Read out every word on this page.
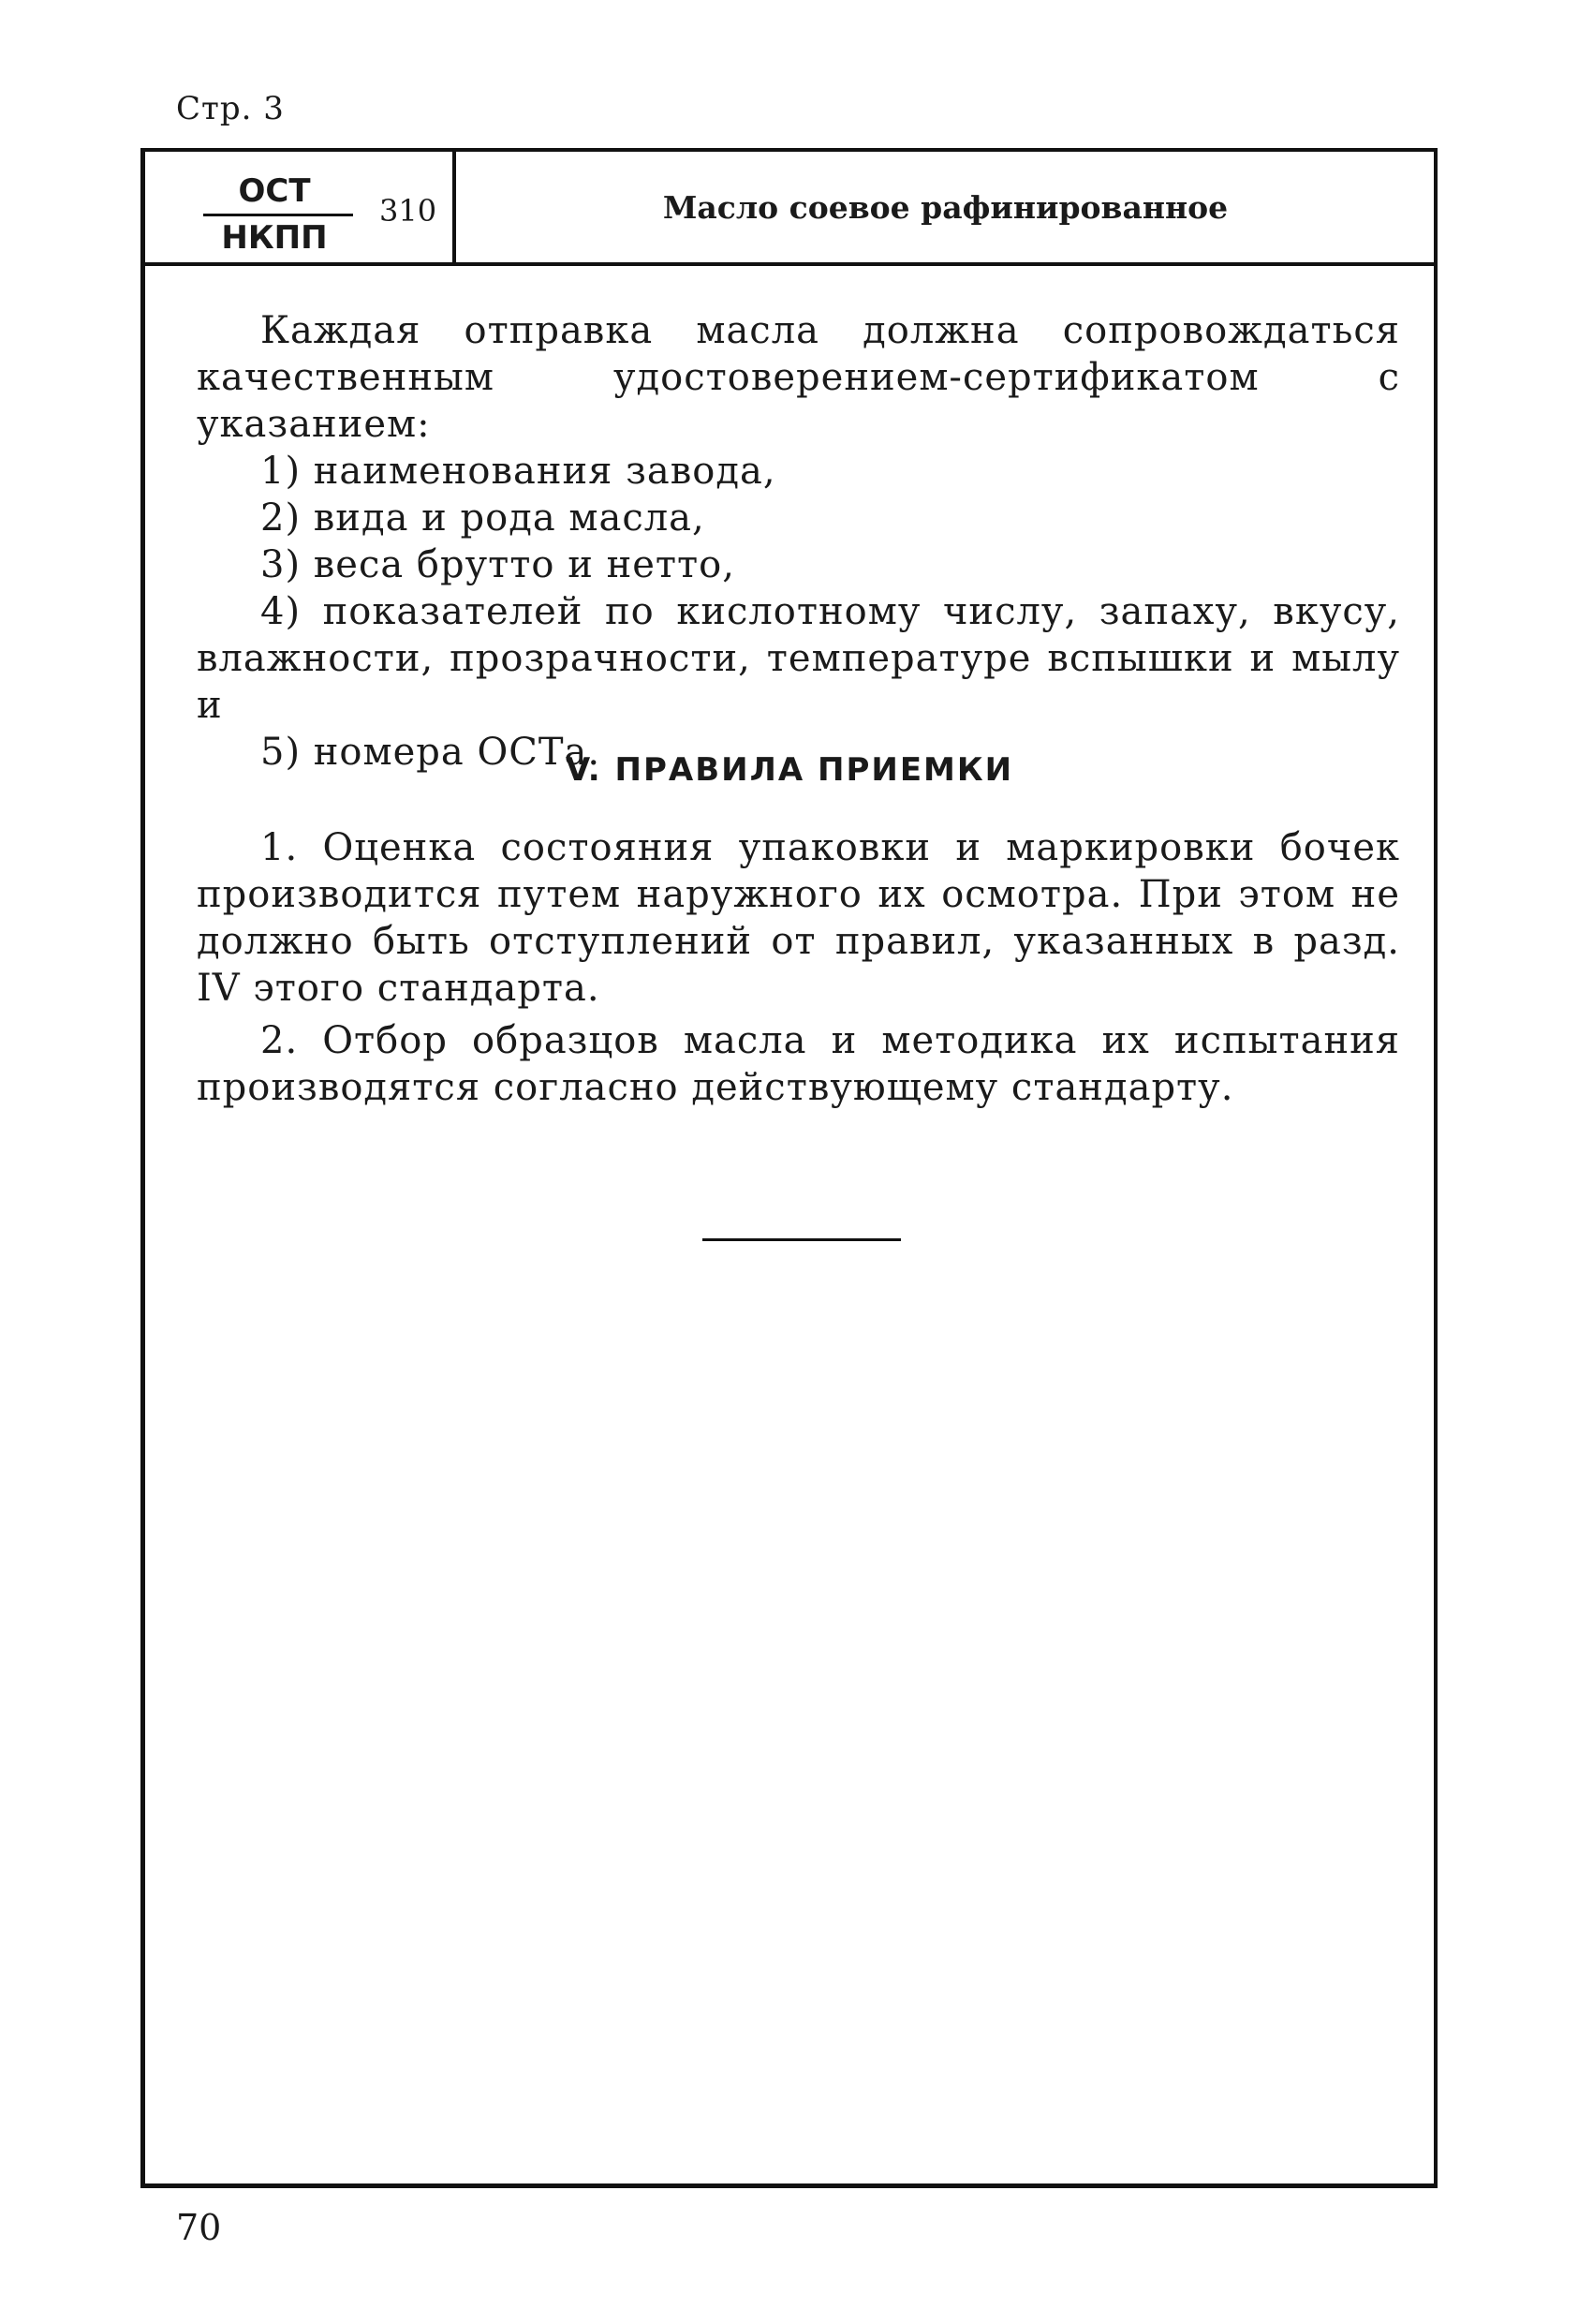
Стр. 3
ОСТ
НКПП
310	Масло соевое рафинированное

Каждая отправка масла должна сопровождаться качественным удостоверением-сертификатом с указанием:

1) наименования завода,

2) вида и рода масла,

3) веса брутто и нетто,

4) показателей по кислотному числу, запаху, вкусу, влажности, прозрачности, температуре вспышки и мылу и

5) номера ОСТа.

V. ПРАВИЛА ПРИЕМКИ

1. Оценка состояния упаковки и маркировки бочек производится путем наружного их осмотра. При этом не должно быть отступлений от правил, указанных в разд. IV этого стандарта.

2. Отбор образцов масла и методика их испытания производятся согласно действующему стандарту.

70
